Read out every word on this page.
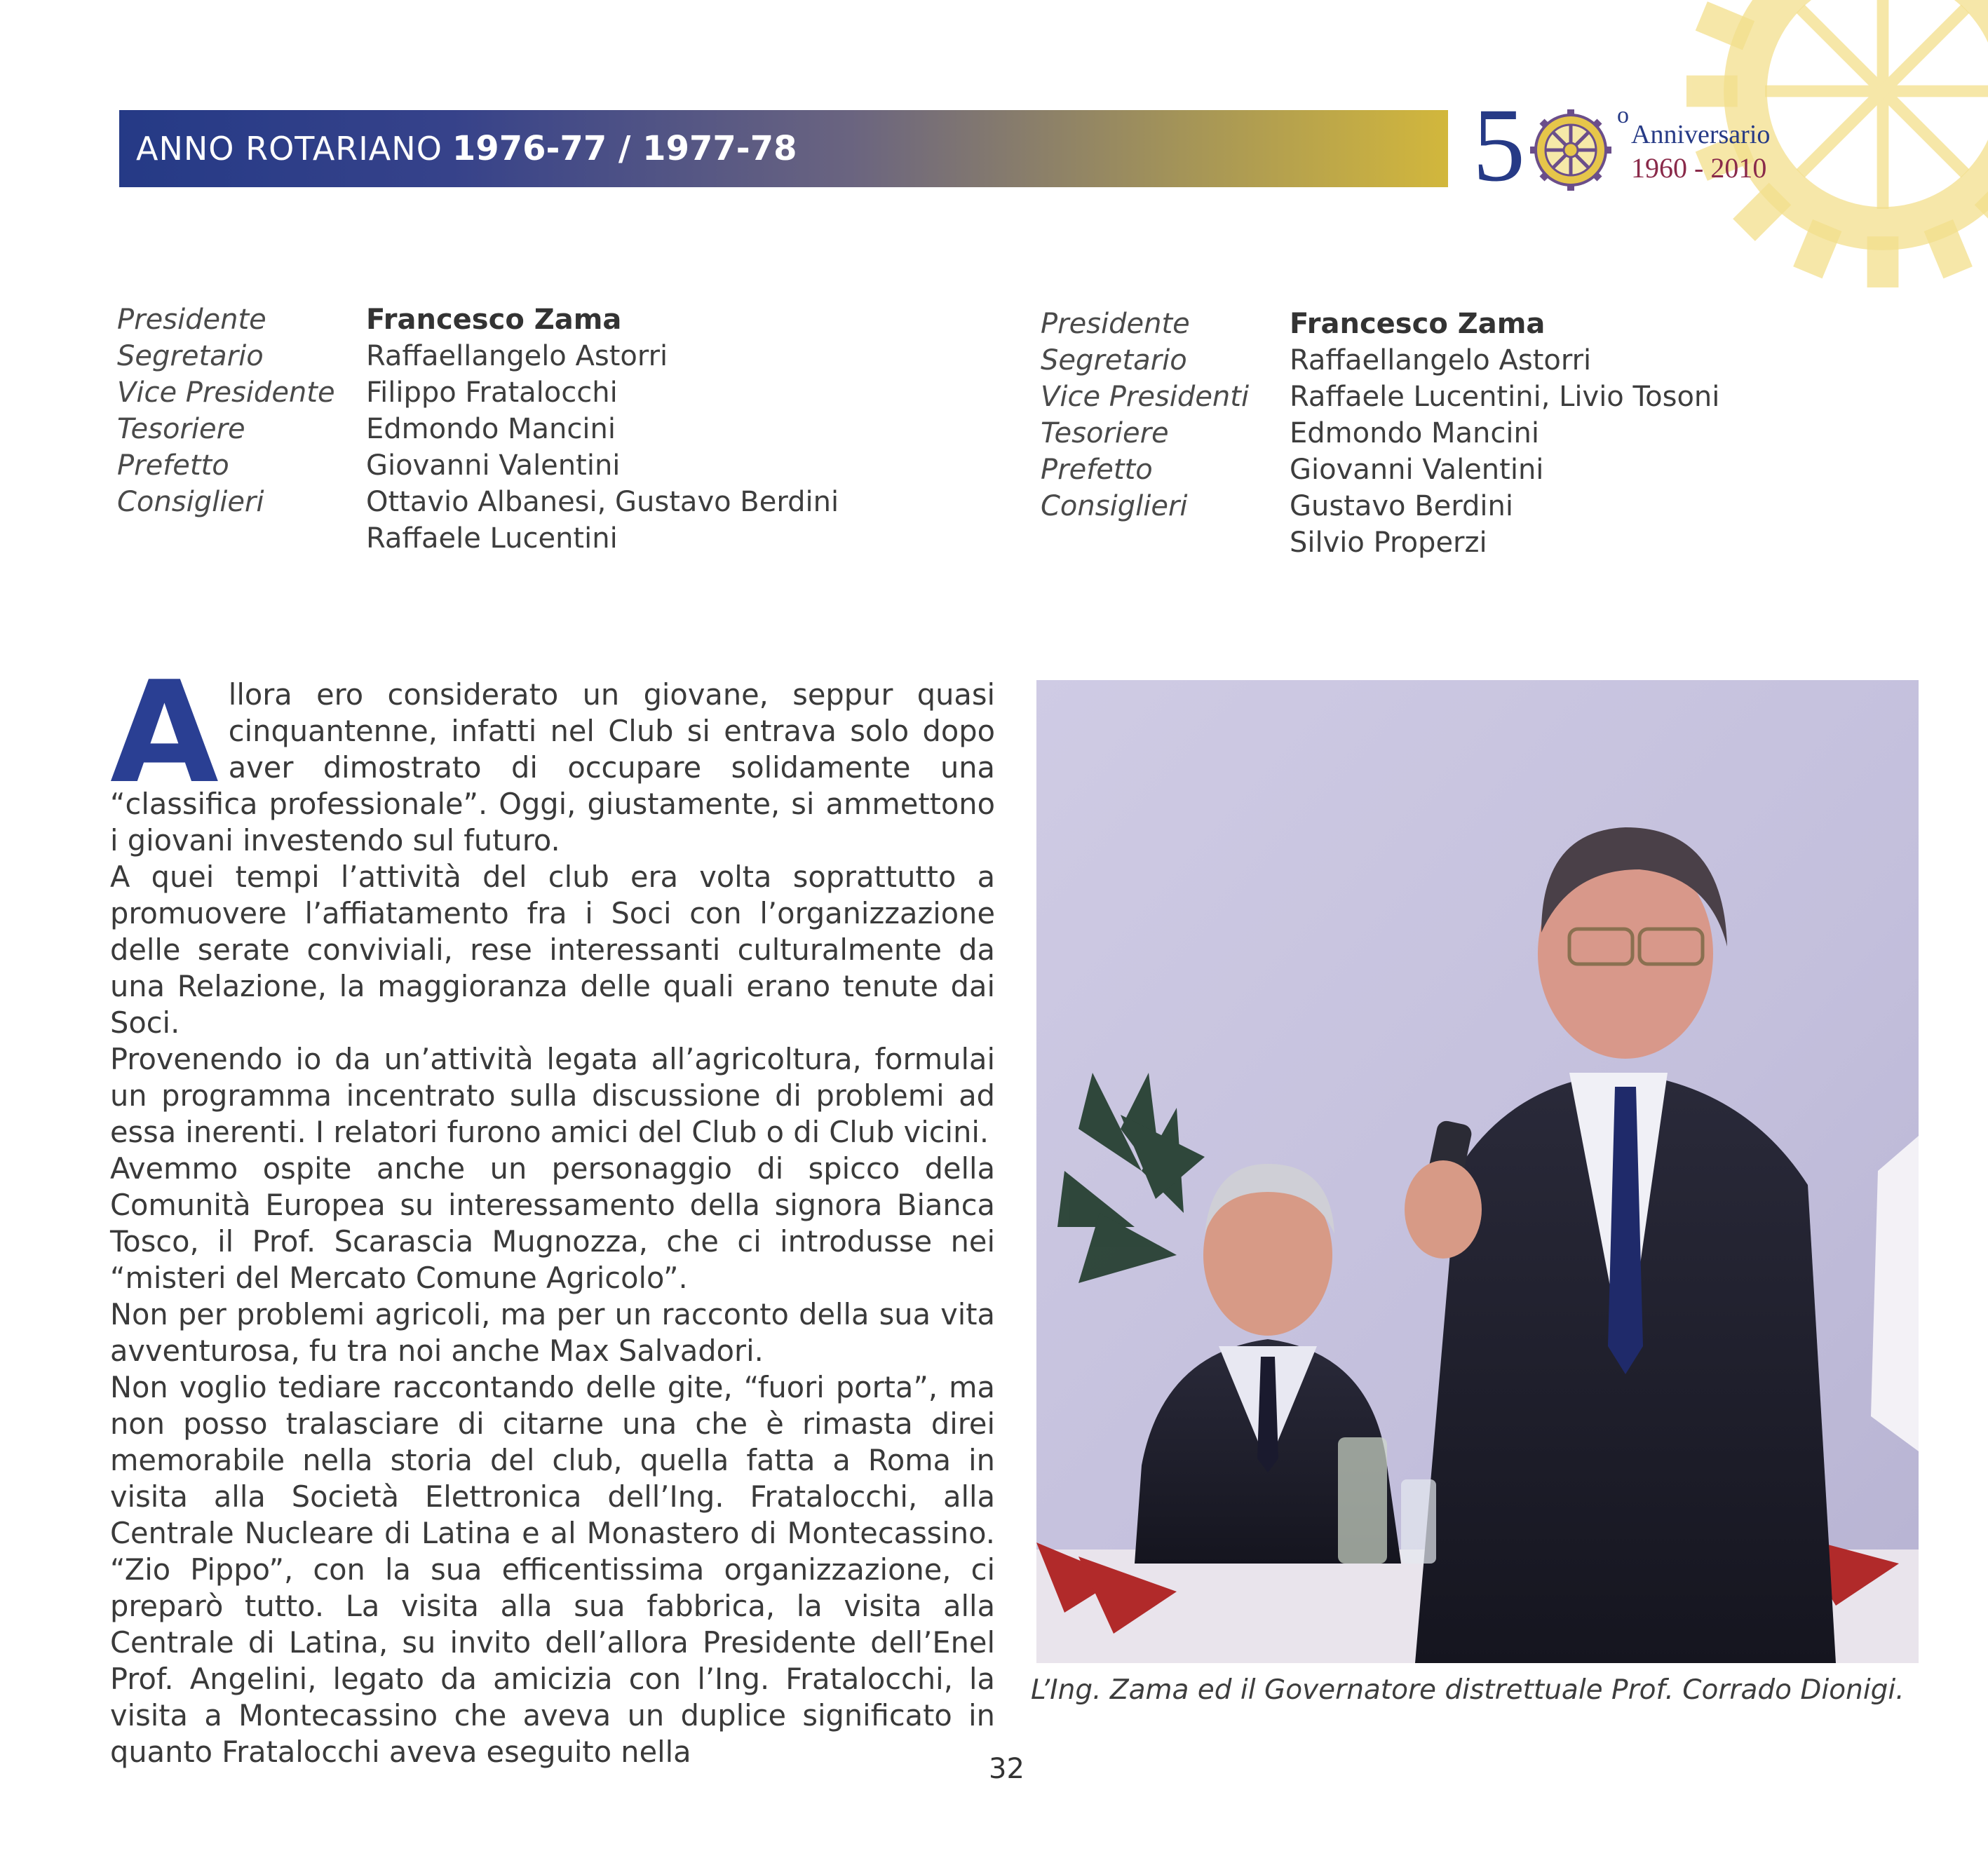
ANNO ROTARIANO 1976-77 / 1977-78	5	o
Anniversario
1960 - 2010
Presidente	Francesco Zama
Segretario	Raffaellangelo Astorri
Vice Presidente	Filippo Fratalocchi
Tesoriere	Edmondo Mancini
Prefetto	Giovanni Valentini
Consiglieri	Ottavio Albanesi, Gustavo Berdini
Raffaele Lucentini
Presidente	Francesco Zama
Segretario	Raffaellangelo Astorri
Vice Presidenti	Raffaele Lucentini, Livio Tosoni
Tesoriere	Edmondo Mancini
Prefetto	Giovanni Valentini
Consiglieri	Gustavo Berdini
Silvio Properzi

Allora ero considerato un giovane, seppur quasi cinquantenne, infatti nel Club si entrava solo dopo aver dimostrato di occupare solidamente una “classifica professionale”. Oggi, giustamente, si ammettono i giovani investendo sul futuro.

A quei tempi l’attività del club era volta soprattutto a promuovere l’affiatamento fra i Soci con l’organizzazione delle serate conviviali, rese interessanti culturalmente da una Relazione, la maggioranza delle quali erano tenute dai Soci.

Provenendo io da un’attività legata all’agricoltura, formulai un programma incentrato sulla discussione di problemi ad essa inerenti. I relatori furono amici del Club o di Club vicini.

Avemmo ospite anche un personaggio di spicco della Comunità Europea su interessamento della signora Bianca Tosco, il Prof. Scarascia Mugnozza, che ci introdusse nei “misteri del Mercato Comune Agricolo”.

Non per problemi agricoli, ma per un racconto della sua vita avventurosa, fu tra noi anche Max Salvadori.

Non voglio tediare raccontando delle gite, “fuori porta”, ma non posso tralasciare di citarne una che è rimasta direi memorabile nella storia del club, quella fatta a Roma in visita alla Società Elettronica dell’Ing. Fratalocchi, alla Centrale Nucleare di Latina e al Monastero di Montecassino. “Zio Pippo”, con la sua efficentissima organizzazione, ci preparò tutto. La visita alla sua fabbrica, la visita alla Centrale di Latina, su invito dell’allora Presidente dell’Enel Prof. Angelini, legato da amicizia con l’Ing. Fratalocchi, la visita a Montecassino che aveva un duplice significato in quanto Fratalocchi aveva eseguito nella

L’Ing. Zama ed il Governatore distrettuale Prof. Corrado Dionigi.
32
